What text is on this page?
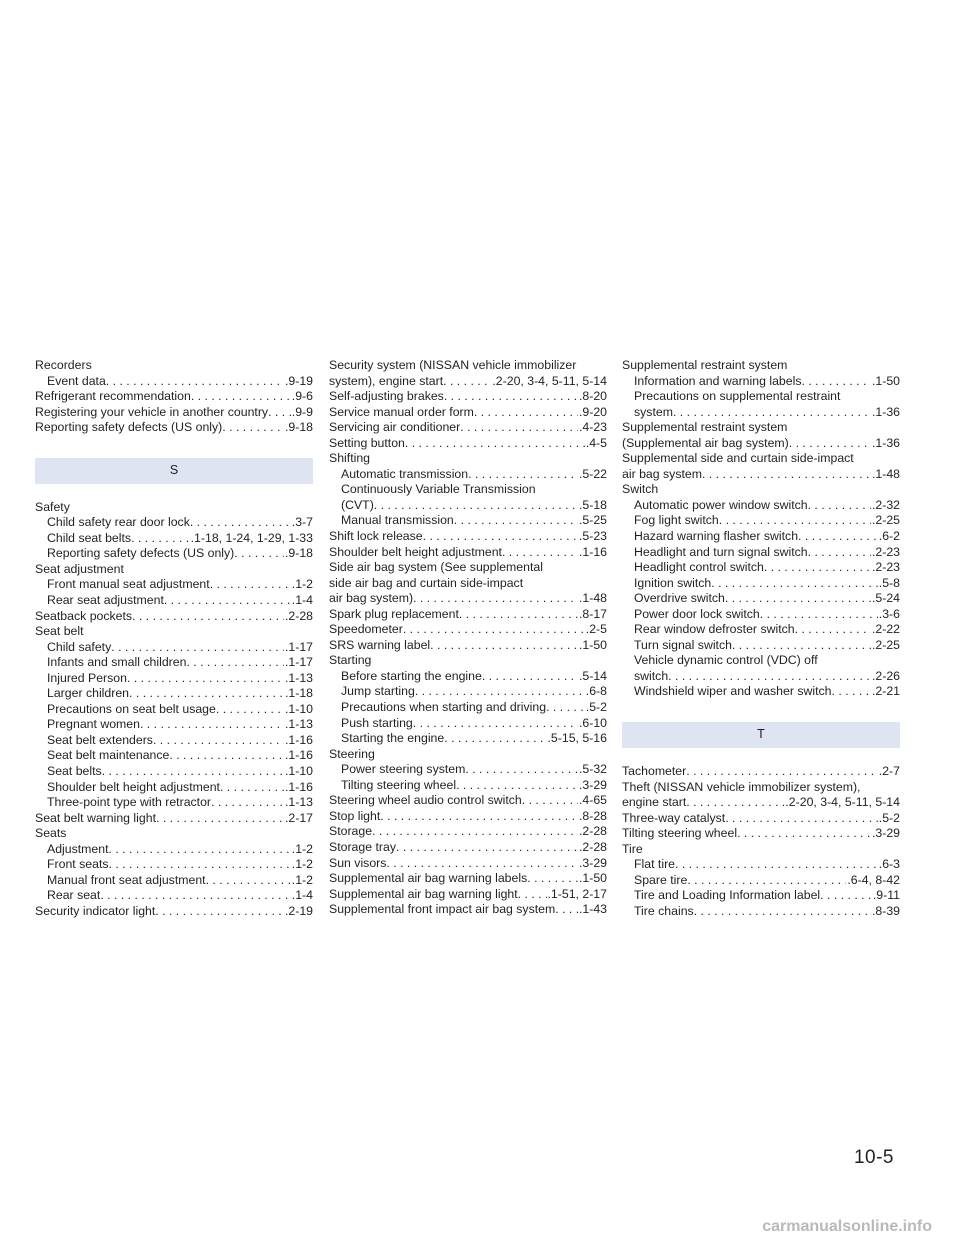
Recorders
Event data . . .	.9-19
Refrigerant recommendation . . .	.9-6
Registering your vehicle in another country . . . .9-9
Reporting safety defects (US only) . . .	.9-18
S
Safety
Child safety rear door lock . . .	.3-7
Child seat belts . . .	.1-18, 1-24, 1-29, 1-33
Reporting safety defects (US only) . . .	.9-18
Seat adjustment
Front manual seat adjustment . . .	.1-2
Rear seat adjustment . . .	.1-4
Seatback pockets . . .	.2-28
Seat belt
Child safety . . .	.1-17
Infants and small children . . .	.1-17
Injured Person . . .	.1-13
Larger children . . .	.1-18
Precautions on seat belt usage . . .	.1-10
Pregnant women . . .	.1-13
Seat belt extenders . . .	.1-16
Seat belt maintenance . . .	.1-16
Seat belts . . .	.1-10
Shoulder belt height adjustment . . .	.1-16
Three-point type with retractor . . .	.1-13
Seat belt warning light . . .	.2-17
Seats
Adjustment . . .	.1-2
Front seats . . .	.1-2
Manual front seat adjustment . . .	.1-2
Rear seat . . .	.1-4
Security indicator light . . .	.2-19
Security system (NISSAN vehicle immobilizer
system), engine start . . .	.2-20, 3-4, 5-11, 5-14
Self-adjusting brakes . . .	.8-20
Service manual order form . . .	.9-20
Servicing air conditioner . . .	.4-23
Setting button . . .	.4-5
Shifting
Automatic transmission . . .	.5-22
Continuously Variable Transmission
(CVT) . . .	.5-18
Manual transmission . . .	.5-25
Shift lock release . . .	.5-23
Shoulder belt height adjustment . . .	.1-16
Side air bag system (See supplemental
side air bag and curtain side-impact
air bag system) . . .	.1-48
Spark plug replacement . . .	.8-17
Speedometer . . .	.2-5
SRS warning label . . .	.1-50
Starting
Before starting the engine . . .	.5-14
Jump starting . . .	.6-8
Precautions when starting and driving . . .	.5-2
Push starting . . .	.6-10
Starting the engine . . .	.5-15, 5-16
Steering
Power steering system . . .	.5-32
Tilting steering wheel . . .	.3-29
Steering wheel audio control switch . . .	.4-65
Stop light . . .	.8-28
Storage . . .	.2-28
Storage tray . . .	.2-28
Sun visors . . .	.3-29
Supplemental air bag warning labels . . .	.1-50
Supplemental air bag warning light . . . .1-51, 2-17
Supplemental front impact air bag system . . . .1-43
Supplemental restraint system
Information and warning labels . . .	.1-50
Precautions on supplemental restraint
system . . .	.1-36
Supplemental restraint system
(Supplemental air bag system) . . .	.1-36
Supplemental side and curtain side-impact
air bag system . . .	.1-48
Switch
Automatic power window switch . . .	.2-32
Fog light switch . . .	.2-25
Hazard warning flasher switch . . .	.6-2
Headlight and turn signal switch . . .	.2-23
Headlight control switch . . .	.2-23
Ignition switch . . .	.5-8
Overdrive switch . . .	.5-24
Power door lock switch . . .	.3-6
Rear window defroster switch . . .	.2-22
Turn signal switch . . .	.2-25
Vehicle dynamic control (VDC) off
switch . . .	.2-26
Windshield wiper and washer switch . . .	.2-21
T
Tachometer . . .	.2-7
Theft (NISSAN vehicle immobilizer system),
engine start . . .	.2-20, 3-4, 5-11, 5-14
Three-way catalyst . . .	.5-2
Tilting steering wheel . . .	.3-29
Tire
Flat tire . . .	.6-3
Spare tire . . .	.6-4, 8-42
Tire and Loading Information label . . .	.9-11
Tire chains . . .	.8-39
10-5
carmanualsonline.info
